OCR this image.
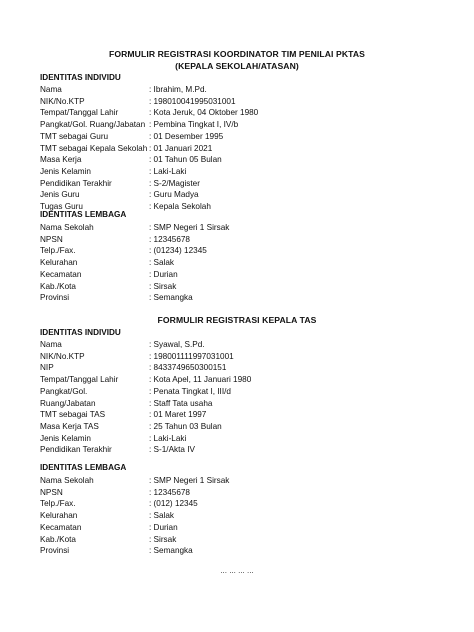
FORMULIR REGISTRASI KOORDINATOR TIM PENILAI PKTAS
(KEPALA SEKOLAH/ATASAN)
IDENTITAS INDIVIDU
Nama	: Ibrahim, M.Pd.
NIK/No.KTP	: 198010041995031001
Tempat/Tanggal Lahir	: Kota Jeruk, 04 Oktober 1980
Pangkat/Gol. Ruang/Jabatan : Pembina Tingkat I, IV/b
TMT sebagai Guru	: 01 Desember 1995
TMT sebagai Kepala Sekolah : 01 Januari 2021
Masa Kerja	: 01 Tahun 05 Bulan
Jenis Kelamin	: Laki-Laki
Pendidikan Terakhir	: S-2/Magister
Jenis Guru	: Guru Madya
Tugas Guru	: Kepala Sekolah
IDENTITAS LEMBAGA
Nama Sekolah	: SMP Negeri 1 Sirsak
NPSN	: 12345678
Telp./Fax.	: (01234) 12345
Kelurahan	: Salak
Kecamatan	: Durian
Kab./Kota	: Sirsak
Provinsi	: Semangka
FORMULIR REGISTRASI KEPALA TAS
IDENTITAS INDIVIDU
Nama	: Syawal, S.Pd.
NIK/No.KTP	: 198001111997031001
NIP	: 8433749650300151
Tempat/Tanggal Lahir	: Kota Apel, 11 Januari 1980
Pangkat/Gol.	: Penata Tingkat I, III/d
Ruang/Jabatan	: Staff Tata usaha
TMT sebagai TAS	: 01 Maret 1997
Masa Kerja TAS	: 25 Tahun 03 Bulan
Jenis Kelamin	: Laki-Laki
Pendidikan Terakhir	: S-1/Akta IV
IDENTITAS LEMBAGA
Nama Sekolah	: SMP Negeri 1 Sirsak
NPSN	: 12345678
Telp./Fax.	: (012) 12345
Kelurahan	: Salak
Kecamatan	: Durian
Kab./Kota	: Sirsak
Provinsi	: Semangka
... ... ... ...
